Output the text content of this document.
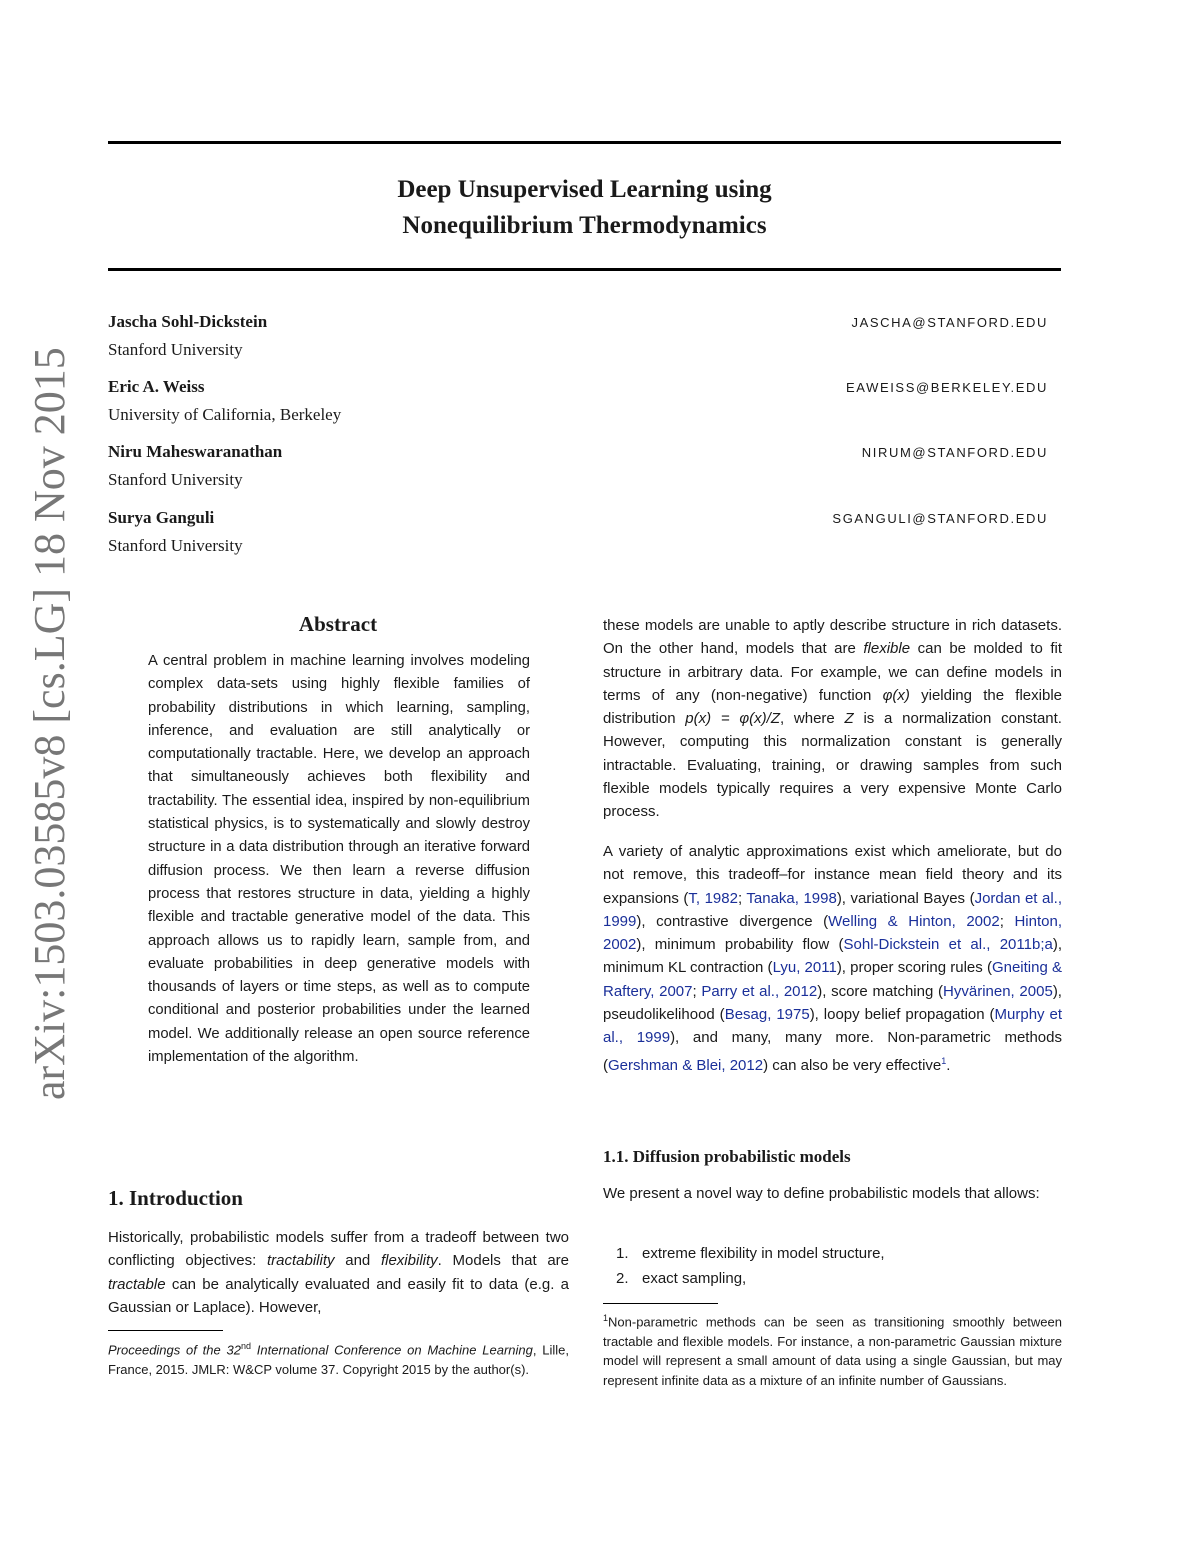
arXiv:1503.03585v8 [cs.LG] 18 Nov 2015
Deep Unsupervised Learning using
Nonequilibrium Thermodynamics
Jascha Sohl-Dickstein	JASCHA@STANFORD.EDU
Stanford University
Eric A. Weiss	EAWEISS@BERKELEY.EDU
University of California, Berkeley
Niru Maheswaranathan	NIRUM@STANFORD.EDU
Stanford University
Surya Ganguli	SGANGULI@STANFORD.EDU
Stanford University
Abstract
A central problem in machine learning involves modeling complex data-sets using highly flexible families of probability distributions in which learning, sampling, inference, and evaluation are still analytically or computationally tractable. Here, we develop an approach that simultaneously achieves both flexibility and tractability. The essential idea, inspired by non-equilibrium statistical physics, is to systematically and slowly destroy structure in a data distribution through an iterative forward diffusion process. We then learn a reverse diffusion process that restores structure in data, yielding a highly flexible and tractable generative model of the data. This approach allows us to rapidly learn, sample from, and evaluate probabilities in deep generative models with thousands of layers or time steps, as well as to compute conditional and posterior probabilities under the learned model. We additionally release an open source reference implementation of the algorithm.
1. Introduction
Historically, probabilistic models suffer from a tradeoff between two conflicting objectives: tractability and flexibility. Models that are tractable can be analytically evaluated and easily fit to data (e.g. a Gaussian or Laplace). However,
Proceedings of the 32nd International Conference on Machine Learning, Lille, France, 2015. JMLR: W&CP volume 37. Copyright 2015 by the author(s).
these models are unable to aptly describe structure in rich datasets. On the other hand, models that are flexible can be molded to fit structure in arbitrary data. For example, we can define models in terms of any (non-negative) function φ(x) yielding the flexible distribution p(x) = φ(x)/Z, where Z is a normalization constant. However, computing this normalization constant is generally intractable. Evaluating, training, or drawing samples from such flexible models typically requires a very expensive Monte Carlo process.
A variety of analytic approximations exist which ameliorate, but do not remove, this tradeoff–for instance mean field theory and its expansions (T, 1982; Tanaka, 1998), variational Bayes (Jordan et al., 1999), contrastive divergence (Welling & Hinton, 2002; Hinton, 2002), minimum probability flow (Sohl-Dickstein et al., 2011b;a), minimum KL contraction (Lyu, 2011), proper scoring rules (Gneiting & Raftery, 2007; Parry et al., 2012), score matching (Hyvärinen, 2005), pseudolikelihood (Besag, 1975), loopy belief propagation (Murphy et al., 1999), and many, many more. Non-parametric methods (Gershman & Blei, 2012) can also be very effective$^1$.
1.1. Diffusion probabilistic models
We present a novel way to define probabilistic models that allows:
1. extreme flexibility in model structure,
2. exact sampling,
$^1$Non-parametric methods can be seen as transitioning smoothly between tractable and flexible models. For instance, a non-parametric Gaussian mixture model will represent a small amount of data using a single Gaussian, but may represent infinite data as a mixture of an infinite number of Gaussians.
